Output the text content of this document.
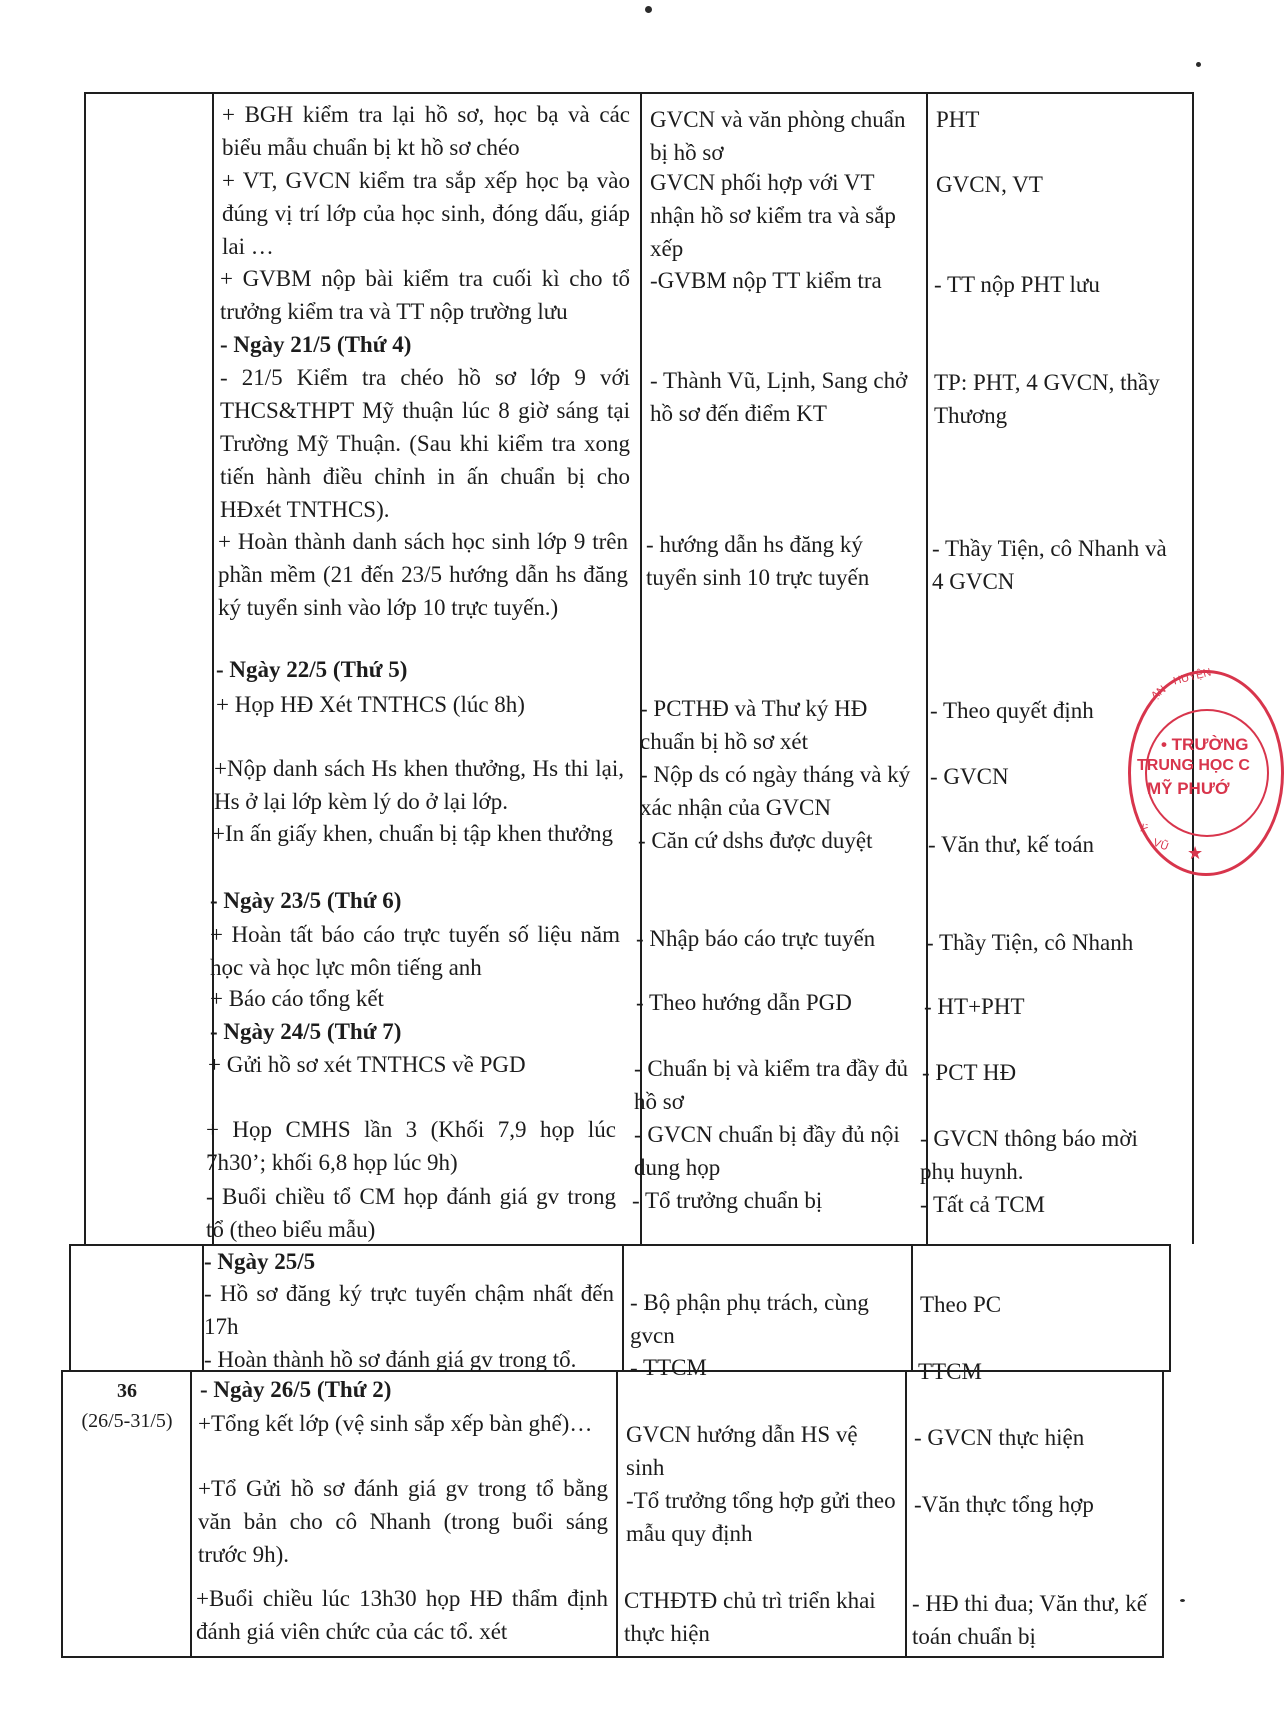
+ BGH kiểm tra lại hồ sơ, học bạ và các biểu mẫu chuẩn bị kt hồ sơ chéo
+ VT, GVCN kiểm tra sắp xếp học bạ vào đúng vị trí lớp của học sinh, đóng dấu, giáp lai …
+ GVBM nộp bài kiểm tra cuối kì cho tổ trưởng kiểm tra và TT nộp trường lưu
- Ngày 21/5 (Thứ 4)
- 21/5 Kiểm tra chéo hồ sơ lớp 9 với THCS&THPT Mỹ thuận lúc 8 giờ sáng tại Trường Mỹ Thuận. (Sau khi kiểm tra xong tiến hành điều chỉnh in ấn chuẩn bị cho HĐxét TNTHCS).
+ Hoàn thành danh sách học sinh lớp 9 trên phần mềm (21 đến 23/5 hướng dẫn hs đăng ký tuyển sinh vào lớp 10 trực tuyến.)
- Ngày 22/5 (Thứ 5)
+ Họp HĐ Xét TNTHCS (lúc 8h)
+Nộp danh sách Hs khen thưởng, Hs thi lại, Hs ở lại lớp kèm lý do ở lại lớp.
+In ấn giấy khen, chuẩn bị tập khen thưởng
- Ngày 23/5 (Thứ 6)
+ Hoàn tất báo cáo trực tuyến số liệu năm học và học lực môn tiếng anh
+ Báo cáo tổng kết
- Ngày 24/5 (Thứ 7)
+ Gửi hồ sơ xét TNTHCS về PGD
+ Họp CMHS lần 3 (Khối 7,9 họp lúc 7h30’; khối 6,8 họp lúc 9h)
- Buổi chiều tổ CM họp đánh giá gv trong tổ (theo biểu mẫu)
GVCN và văn phòng chuẩn bị hồ sơ
GVCN phối hợp với VT nhận hồ sơ kiểm tra và sắp xếp
-GVBM nộp TT kiểm tra
- Thành Vũ, Lịnh, Sang chở hồ sơ đến điểm KT
- hướng dẫn hs đăng ký tuyển sinh 10 trực tuyến
- PCTHĐ và Thư ký HĐ chuẩn bị hồ sơ xét
- Nộp ds có ngày tháng và ký xác nhận của GVCN
- Căn cứ dshs được duyệt
- Nhập báo cáo trực tuyến
- Theo hướng dẫn PGD
- Chuẩn bị và kiểm tra đầy đủ hồ sơ
- GVCN chuẩn bị đầy đủ nội dung họp
- Tổ trưởng chuẩn bị
PHT
GVCN, VT
- TT nộp PHT lưu
TP: PHT, 4 GVCN, thầy Thương
- Thầy Tiện, cô Nhanh và 4 GVCN
- Theo quyết định
- GVCN
- Văn thư, kế toán
- Thầy Tiện, cô Nhanh
- HT+PHT
- PCT HĐ
- GVCN thông báo mời phụ huynh.
- Tất cả TCM
- Ngày 25/5
- Hồ sơ đăng ký trực tuyến chậm nhất đến 17h
- Hoàn thành hồ sơ đánh giá gv trong tổ.
- Bộ phận phụ trách, cùng gvcn
- TTCM
Theo PC
TTCM
36
(26/5-31/5)
- Ngày 26/5 (Thứ 2)
+Tổng kết lớp (vệ sinh sắp xếp bàn ghế)…
+Tổ Gửi hồ sơ đánh giá gv trong tổ bằng văn bản cho cô Nhanh (trong buổi sáng trước 9h).
+Buổi chiều lúc 13h30 họp HĐ thẩm định đánh giá viên chức của các tổ. xét
GVCN hướng dẫn HS vệ sinh
-Tổ trưởng tổng hợp gửi theo mẫu quy định
CTHĐTĐ chủ trì triển khai thực hiện
- GVCN thực hiện
-Văn thực tổng hợp
- HĐ thi đua; Văn thư, kế toán chuẩn bị
HUYỆN
ẠN
• TRƯỜNG
TRUNG HỌC C
MỸ PHƯỚ
Ý
VŨ ★
